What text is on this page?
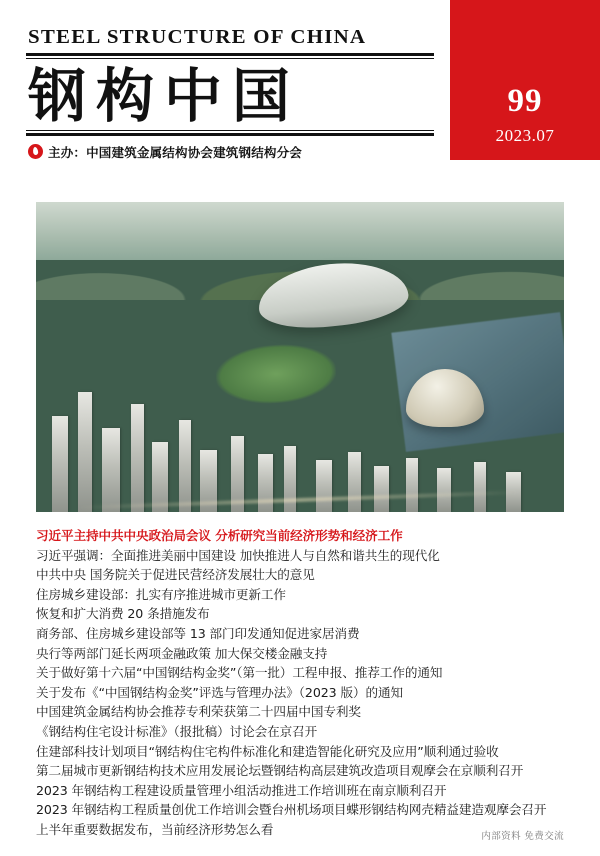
STEEL STRUCTURE OF CHINA
钢构中国
主办：中国建筑金属结构协会建筑钢结构分会
99
2023.07
习近平主持中共中央政治局会议 分析研究当前经济形势和经济工作
习近平强调：全面推进美丽中国建设 加快推进人与自然和谐共生的现代化
中共中央 国务院关于促进民营经济发展壮大的意见
住房城乡建设部：扎实有序推进城市更新工作
恢复和扩大消费 20 条措施发布
商务部、住房城乡建设部等 13 部门印发通知促进家居消费
央行等两部门延长两项金融政策 加大保交楼金融支持
关于做好第十六届“中国钢结构金奖”（第一批）工程申报、推荐工作的通知
关于发布《“中国钢结构金奖”评选与管理办法》（2023 版）的通知
中国建筑金属结构协会推荐专利荣获第二十四届中国专利奖
《钢结构住宅设计标准》（报批稿）讨论会在京召开
住建部科技计划项目“钢结构住宅构件标准化和建造智能化研究及应用”顺利通过验收
第二届城市更新钢结构技术应用发展论坛暨钢结构高层建筑改造项目观摩会在京顺利召开
2023 年钢结构工程建设质量管理小组活动推进工作培训班在南京顺利召开
2023 年钢结构工程质量创优工作培训会暨台州机场项目蝶形钢结构网壳精益建造观摩会召开
上半年重要数据发布，当前经济形势怎么看	内部资料 免费交流
